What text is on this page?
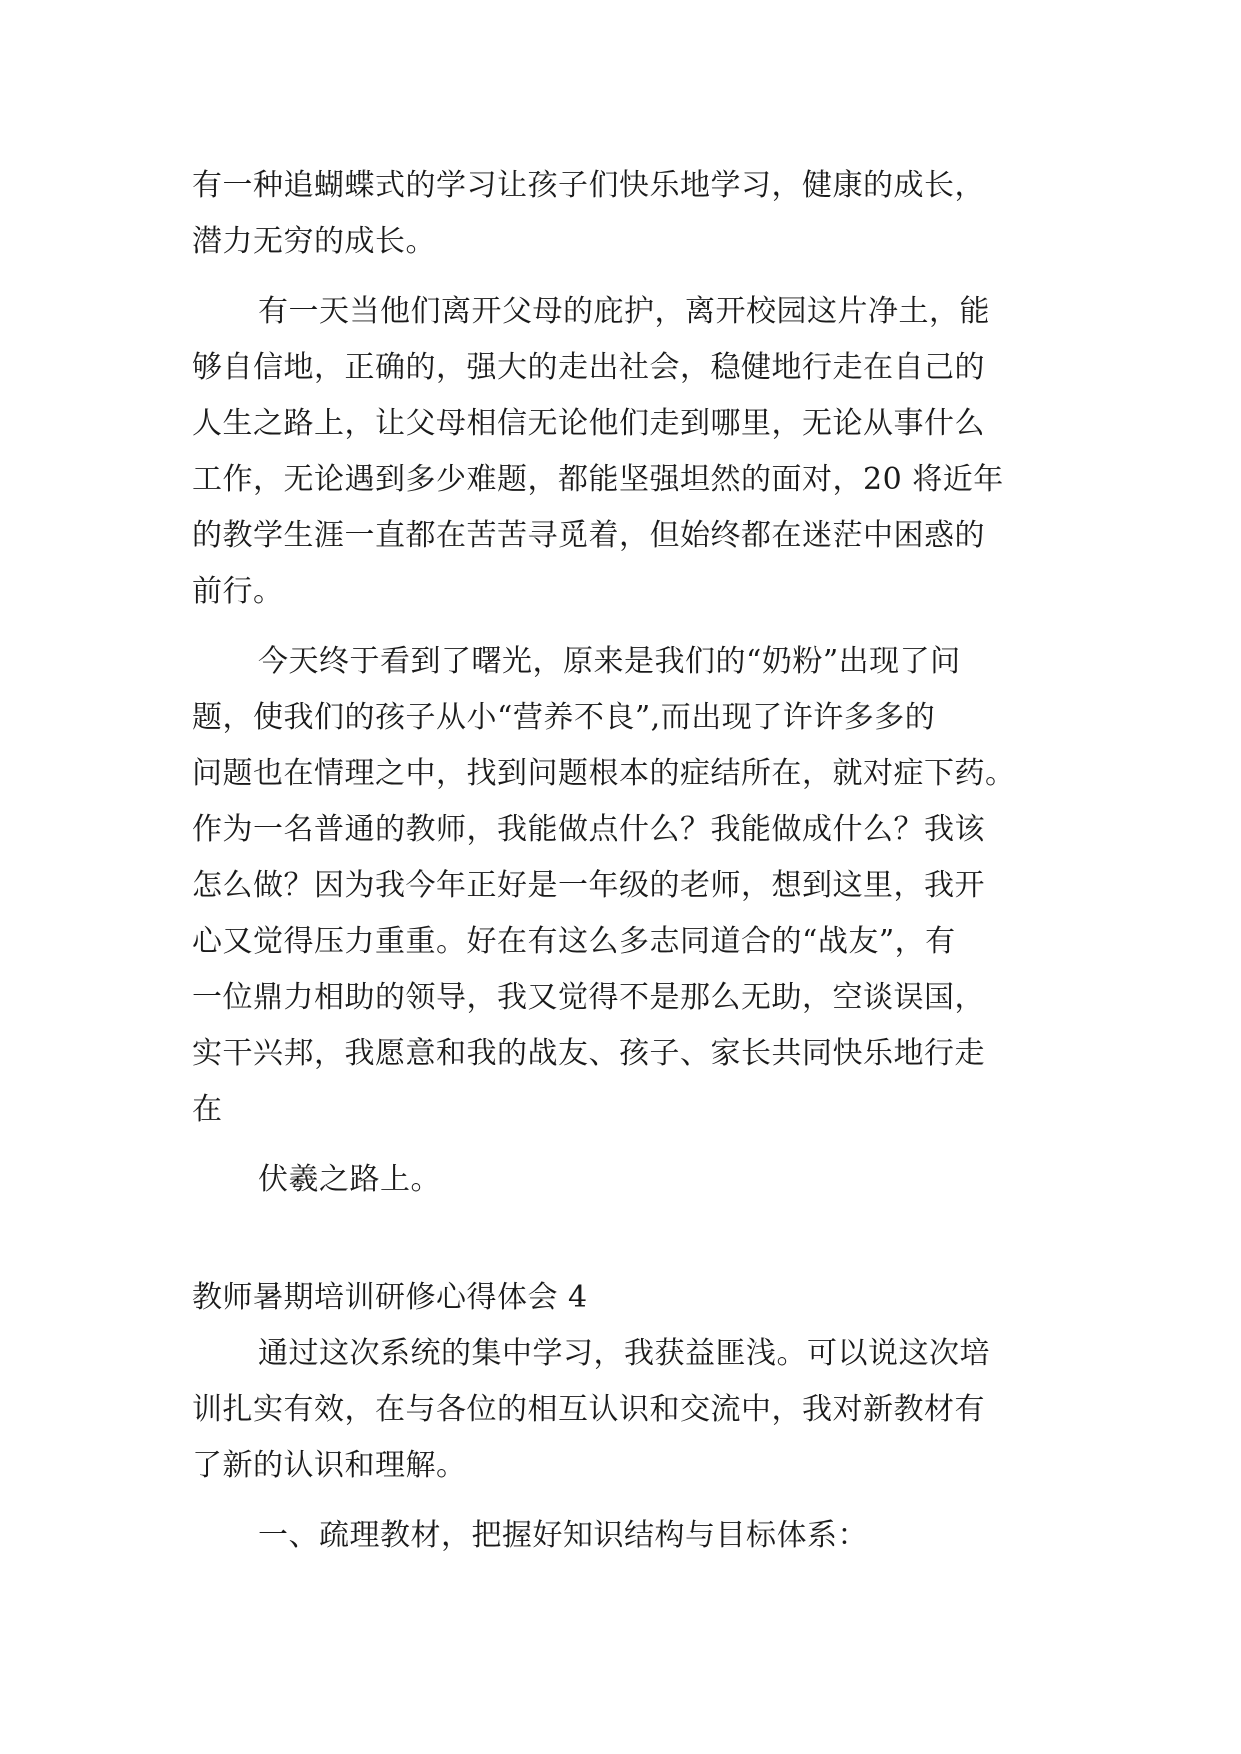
有一种追蝴蝶式的学习让孩子们快乐地学习，健康的成长，
潜力无穷的成长。
有一天当他们离开父母的庇护，离开校园这片净土，能
够自信地，正确的，强大的走出社会，稳健地行走在自己的
人生之路上，让父母相信无论他们走到哪里，无论从事什么
工作，无论遇到多少难题，都能坚强坦然的面对，20 将近年
的教学生涯一直都在苦苦寻觅着，但始终都在迷茫中困惑的
前行。
今天终于看到了曙光，原来是我们的“奶粉”出现了问
题，使我们的孩子从小“营养不良”,而出现了许许多多的
问题也在情理之中，找到问题根本的症结所在，就对症下药。
作为一名普通的教师，我能做点什么？我能做成什么？我该
怎么做？因为我今年正好是一年级的老师，想到这里，我开
心又觉得压力重重。好在有这么多志同道合的“战友”，有
一位鼎力相助的领导，我又觉得不是那么无助，空谈误国，
实干兴邦，我愿意和我的战友、孩子、家长共同快乐地行走
在
伏羲之路上。
教师暑期培训研修心得体会 4
通过这次系统的集中学习，我获益匪浅。可以说这次培
训扎实有效，在与各位的相互认识和交流中，我对新教材有
了新的认识和理解。
一、疏理教材，把握好知识结构与目标体系：
